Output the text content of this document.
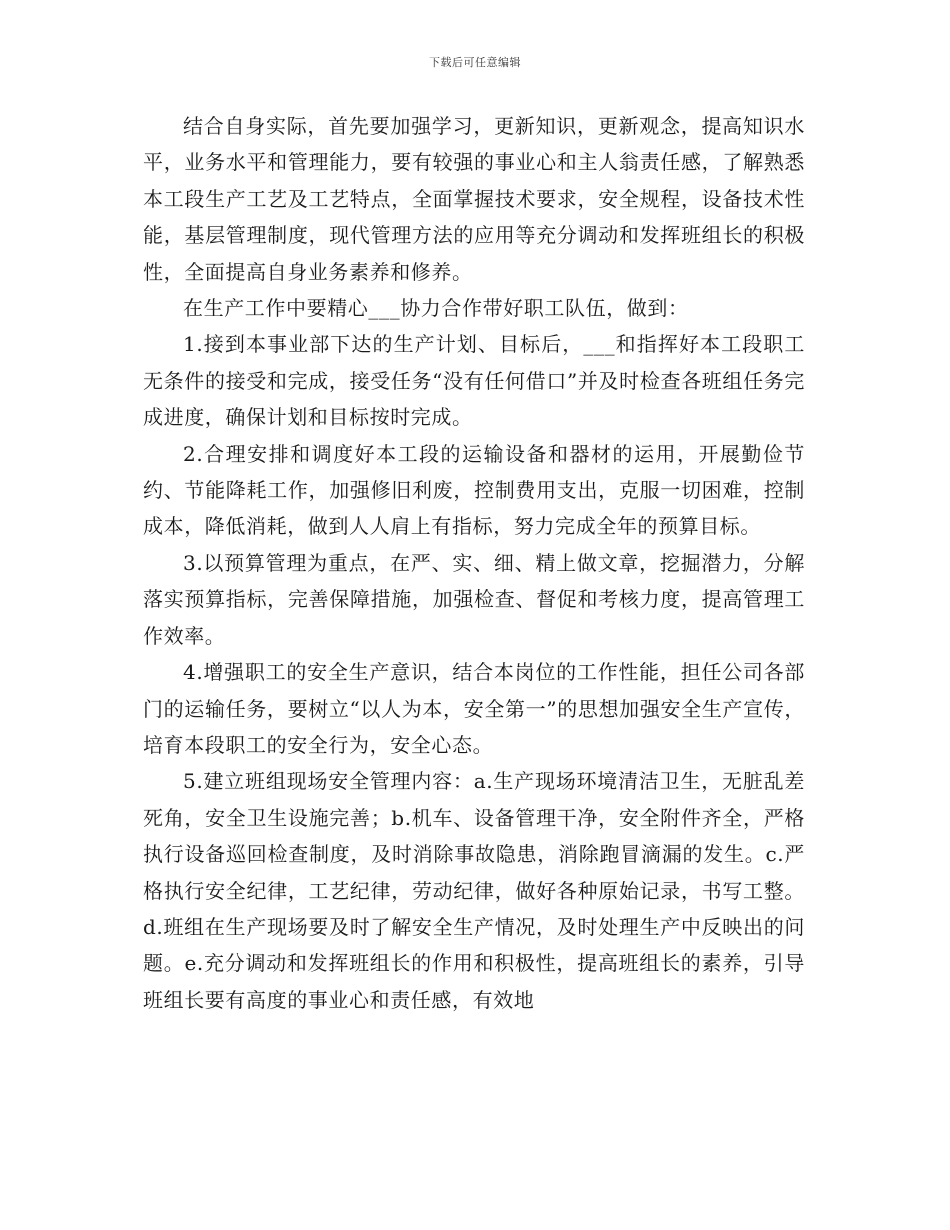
下载后可任意编辑

结合自身实际，首先要加强学习，更新知识，更新观念，提高知识水平，业务水平和管理能力，要有较强的事业心和主人翁责任感，了解熟悉本工段生产工艺及工艺特点，全面掌握技术要求，安全规程，设备技术性能，基层管理制度，现代管理方法的应用等充分调动和发挥班组长的积极性，全面提高自身业务素养和修养。

在生产工作中要精心___协力合作带好职工队伍，做到：

1.接到本事业部下达的生产计划、目标后，___和指挥好本工段职工无条件的接受和完成，接受任务“没有任何借口”并及时检查各班组任务完成进度，确保计划和目标按时完成。

2.合理安排和调度好本工段的运输设备和器材的运用，开展勤俭节约、节能降耗工作，加强修旧利废，控制费用支出，克服一切困难，控制成本，降低消耗，做到人人肩上有指标，努力完成全年的预算目标。

3.以预算管理为重点，在严、实、细、精上做文章，挖掘潜力，分解落实预算指标，完善保障措施，加强检查、督促和考核力度，提高管理工作效率。

4.增强职工的安全生产意识，结合本岗位的工作性能，担任公司各部门的运输任务，要树立“以人为本，安全第一”的思想加强安全生产宣传，培育本段职工的安全行为，安全心态。

5.建立班组现场安全管理内容：a.生产现场环境清洁卫生，无脏乱差死角，安全卫生设施完善；b.机车、设备管理干净，安全附件齐全，严格执行设备巡回检查制度，及时消除事故隐患，消除跑冒滴漏的发生。c.严格执行安全纪律，工艺纪律，劳动纪律，做好各种原始记录，书写工整。d.班组在生产现场要及时了解安全生产情况，及时处理生产中反映出的问题。e.充分调动和发挥班组长的作用和积极性，提高班组长的素养，引导班组长要有高度的事业心和责任感，有效地
